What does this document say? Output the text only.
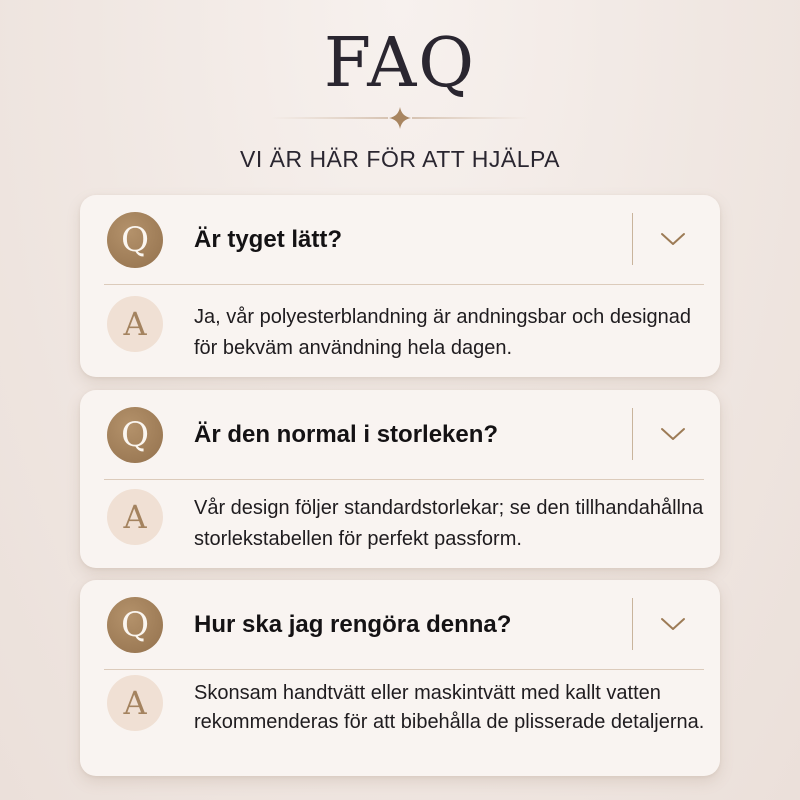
FAQ
VI ÄR HÄR FÖR ATT HJÄLPA
Q	Är tyget lätt?
A	Ja, vår polyesterblandning är andningsbar och designad för bekväm användning hela dagen.
Q	Är den normal i storleken?
A	Vår design följer standardstorlekar; se den tillhandahållna storlekstabellen för perfekt passform.
Q	Hur ska jag rengöra denna?
A	Skonsam handtvätt eller maskintvätt med kallt vatten rekommenderas för att bibehålla de plisserade detaljerna.
